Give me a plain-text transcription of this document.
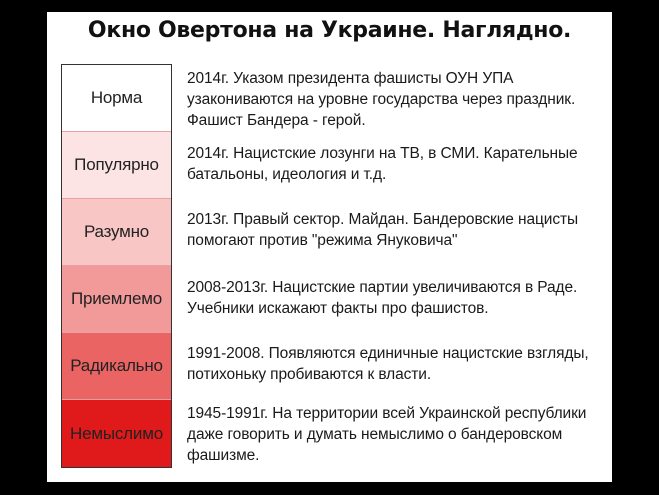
Окно Овертона на Украине. Наглядно.
Норма
Популярно
Разумно
Приемлемо
Радикально
Немыслимо
2014г. Указом президента фашисты ОУН УПА узакониваются на уровне государства через праздник. Фашист Бандера - герой.
2014г. Нацистские лозунги на ТВ, в СМИ. Карательные батальоны, идеология и т.д.
2013г. Правый сектор. Майдан. Бандеровские нацисты помогают против "режима Януковича"
2008-2013г. Нацистские партии увеличиваются в Раде. Учебники искажают факты про фашистов.
1991-2008. Появляются единичные нацистские взгляды, потихоньку пробиваются к власти.
1945-1991г. На территории всей Украинской республики даже говорить и думать немыслимо о бандеровском фашизме.
